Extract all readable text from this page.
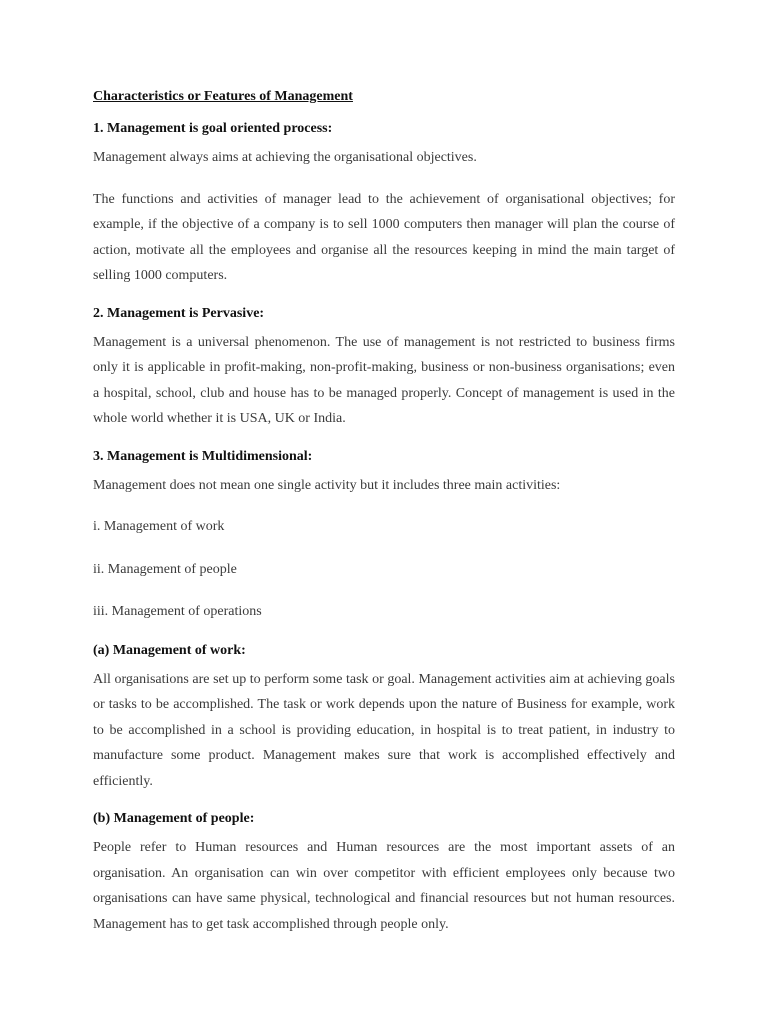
Characteristics or Features of Management
1. Management is goal oriented process:

Management always aims at achieving the organisational objectives.

The functions and activities of manager lead to the achievement of organisational objectives; for example, if the objective of a company is to sell 1000 computers then manager will plan the course of action, motivate all the employees and organise all the resources keeping in mind the main target of selling 1000 computers.

2. Management is Pervasive:

Management is a universal phenomenon. The use of management is not restricted to business firms only it is applicable in profit-making, non-profit-making, business or non-business organisations; even a hospital, school, club and house has to be managed properly. Concept of management is used in the whole world whether it is USA, UK or India.

3. Management is Multidimensional:

Management does not mean one single activity but it includes three main activities:

i. Management of work
ii. Management of people
iii. Management of operations
(a) Management of work:

All organisations are set up to perform some task or goal. Management activities aim at achieving goals or tasks to be accomplished. The task or work depends upon the nature of Business for example, work to be accomplished in a school is providing education, in hospital is to treat patient, in industry to manufacture some product. Management makes sure that work is accomplished effectively and efficiently.

(b) Management of people:

People refer to Human resources and Human resources are the most important assets of an organisation. An organisation can win over competitor with efficient employees only because two organisations can have same physical, technological and financial resources but not human resources. Management has to get task accomplished through people only.
